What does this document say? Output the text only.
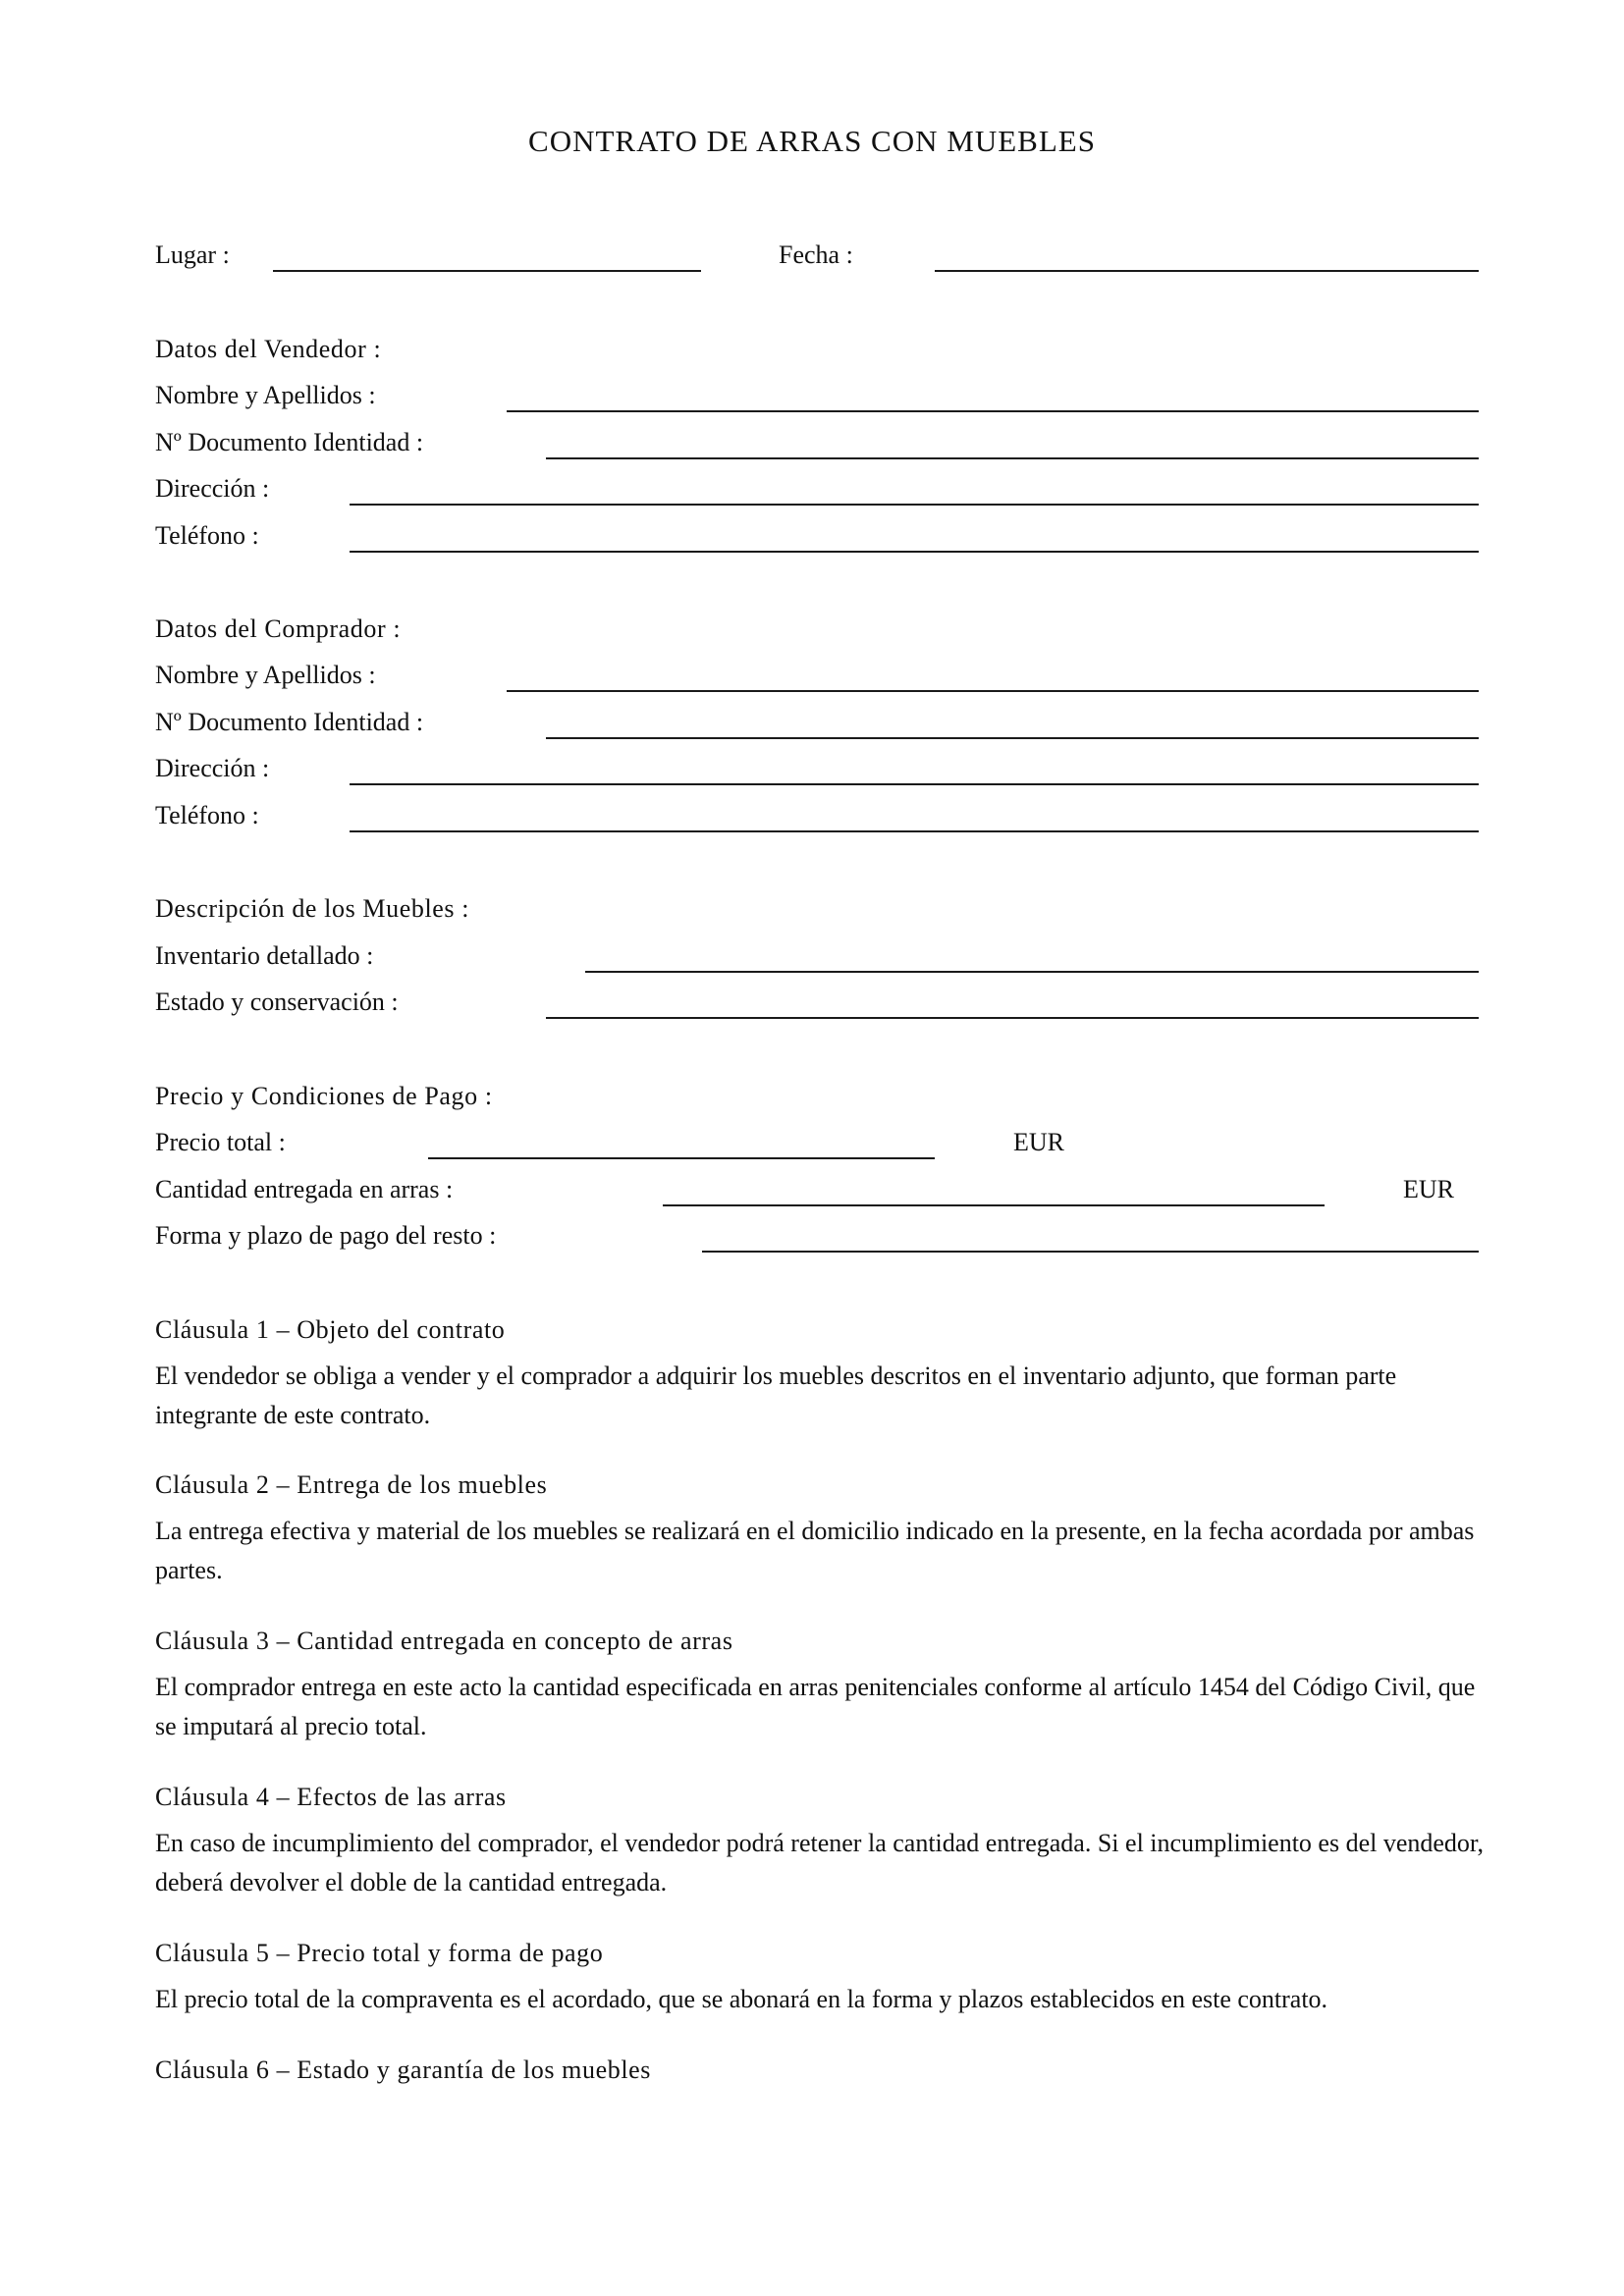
CONTRATO DE ARRAS CON MUEBLES
Lugar :	Fecha :
Datos del Vendedor :
Nombre y Apellidos :
Nº Documento Identidad :
Dirección :
Teléfono :
Datos del Comprador :
Nombre y Apellidos :
Nº Documento Identidad :
Dirección :
Teléfono :
Descripción de los Muebles :
Inventario detallado :
Estado y conservación :
Precio y Condiciones de Pago :
Precio total :	EUR
Cantidad entregada en arras :	EUR
Forma y plazo de pago del resto :
Cláusula 1 – Objeto del contrato
El vendedor se obliga a vender y el comprador a adquirir los muebles descritos en el inventario adjunto, que forman parte integrante de este contrato.
Cláusula 2 – Entrega de los muebles
La entrega efectiva y material de los muebles se realizará en el domicilio indicado en la presente, en la fecha acordada por ambas partes.
Cláusula 3 – Cantidad entregada en concepto de arras
El comprador entrega en este acto la cantidad especificada en arras penitenciales conforme al artículo 1454 del Código Civil, que se imputará al precio total.
Cláusula 4 – Efectos de las arras
En caso de incumplimiento del comprador, el vendedor podrá retener la cantidad entregada. Si el incumplimiento es del vendedor, deberá devolver el doble de la cantidad entregada.
Cláusula 5 – Precio total y forma de pago
El precio total de la compraventa es el acordado, que se abonará en la forma y plazos establecidos en este contrato.
Cláusula 6 – Estado y garantía de los muebles
